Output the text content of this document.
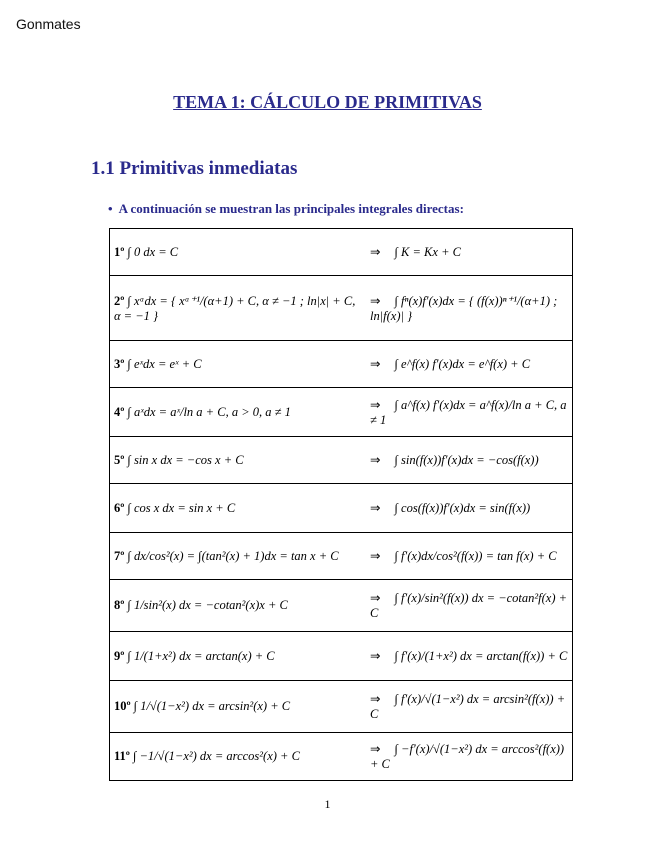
Gonmates
TEMA 1: CÁLCULO DE PRIMITIVAS
1.1 Primitivas inmediatas
• A continuación se muestran las principales integrales directas:
1º ∫ 0 dx = C	⇒ ∫ K = Kx + C
2º ∫ xᵅdx = { xᵅ⁺¹/(α+1) + C, α ≠ −1 ; ln|x| + C, α = −1 }	⇒ ∫ fⁿ(x)f′(x)dx = { (f(x))ⁿ⁺¹/(α+1) ; ln|f(x)| }
3º ∫ eˣdx = eˣ + C	⇒ ∫ e^f(x) f′(x)dx = e^f(x) + C
4º ∫ aˣdx = aˣ/ln a + C, a > 0, a ≠ 1	⇒ ∫ a^f(x) f′(x)dx = a^f(x)/ln a + C, a ≠ 1
5º ∫ sin x dx = −cos x + C	⇒ ∫ sin(f(x))f′(x)dx = −cos(f(x))
6º ∫ cos x dx = sin x + C	⇒ ∫ cos(f(x))f′(x)dx = sin(f(x))
7º ∫ dx/cos²(x) = ∫(tan²(x) + 1)dx = tan x + C	⇒ ∫ f′(x)dx/cos²(f(x)) = tan f(x) + C
8º ∫ 1/sin²(x) dx = −cotan²(x)x + C	⇒ ∫ f′(x)/sin²(f(x)) dx = −cotan²f(x) + C
9º ∫ 1/(1+x²) dx = arctan(x) + C	⇒ ∫ f′(x)/(1+x²) dx = arctan(f(x)) + C
10º ∫ 1/√(1−x²) dx = arcsin²(x) + C	⇒ ∫ f′(x)/√(1−x²) dx = arcsin²(f(x)) + C
11º ∫ −1/√(1−x²) dx = arccos²(x) + C	⇒ ∫ −f′(x)/√(1−x²) dx = arccos²(f(x)) + C
1
